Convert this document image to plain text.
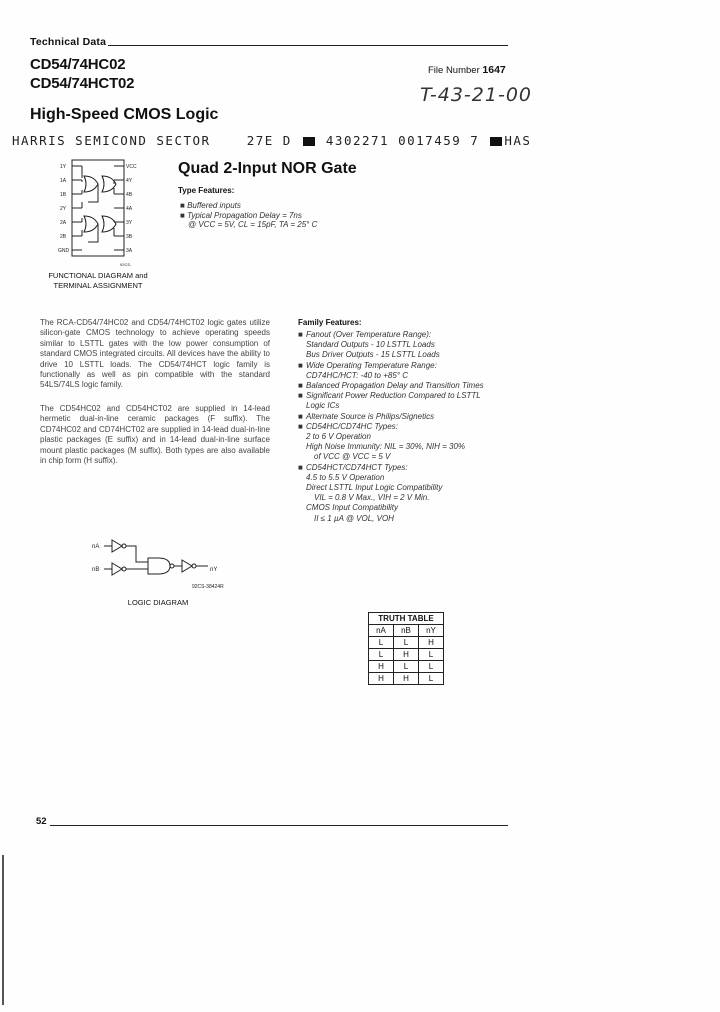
Technical Data
CD54/74HC02
CD54/74HCT02
File Number 1647
T-43-21-00
High-Speed CMOS Logic
HARRIS SEMICOND SECTOR	27E D	4302271 0017459 7 HAS
Quad 2-Input NOR Gate
Type Features:
■ Buffered inputs
■ Typical Propagation Delay = 7ns
@ VCC = 5V, CL = 15pF, TA = 25° C
1Y
1A
1B
2Y
2A
2B
GND
VCC
4Y
4B
4A
3Y
3B
3A
92CS-
FUNCTIONAL DIAGRAM and
TERMINAL ASSIGNMENT
The RCA-CD54/74HC02 and CD54/74HCT02 logic gates utilize silicon-gate CMOS technology to achieve operating speeds similar to LSTTL gates with the low power consumption of standard CMOS integrated circuits. All devices have the ability to drive 10 LSTTL loads. The CD54/74HCT logic family is functionally as well as pin compatible with the standard 54LS/74LS logic family.
The CD54HC02 and CD54HCT02 are supplied in 14-lead hermetic dual-in-line ceramic packages (F suffix). The CD74HC02 and CD74HCT02 are supplied in 14-lead dual-in-line plastic packages (E suffix) and in 14-lead dual-in-line surface mount plastic packages (M suffix). Both types are also available in chip form (H suffix).
Family Features:
■ Fanout (Over Temperature Range):
Standard Outputs - 10 LSTTL Loads
Bus Driver Outputs - 15 LSTTL Loads
■ Wide Operating Temperature Range:
CD74HC/HCT: -40 to +85° C
■ Balanced Propagation Delay and Transition Times
■ Significant Power Reduction Compared to LSTTL Logic ICs
■ Alternate Source is Philips/Signetics
■ CD54HC/CD74HC Types:
2 to 6 V Operation
High Noise Immunity: NIL = 30%, NIH = 30%
of VCC @ VCC = 5 V
■ CD54HCT/CD74HCT Types:
4.5 to 5.5 V Operation
Direct LSTTL Input Logic Compatibility
VIL = 0.8 V Max., VIH = 2 V Min.
CMOS Input Compatibility
II ≤ 1 µA @ VOL, VOH
nA
nB	nY
92CS-38424R
LOGIC DIAGRAM
TRUTH TABLE		
nA	nB	nY
L	L	H
L	H	L
H	L	L
H	H	L
52
